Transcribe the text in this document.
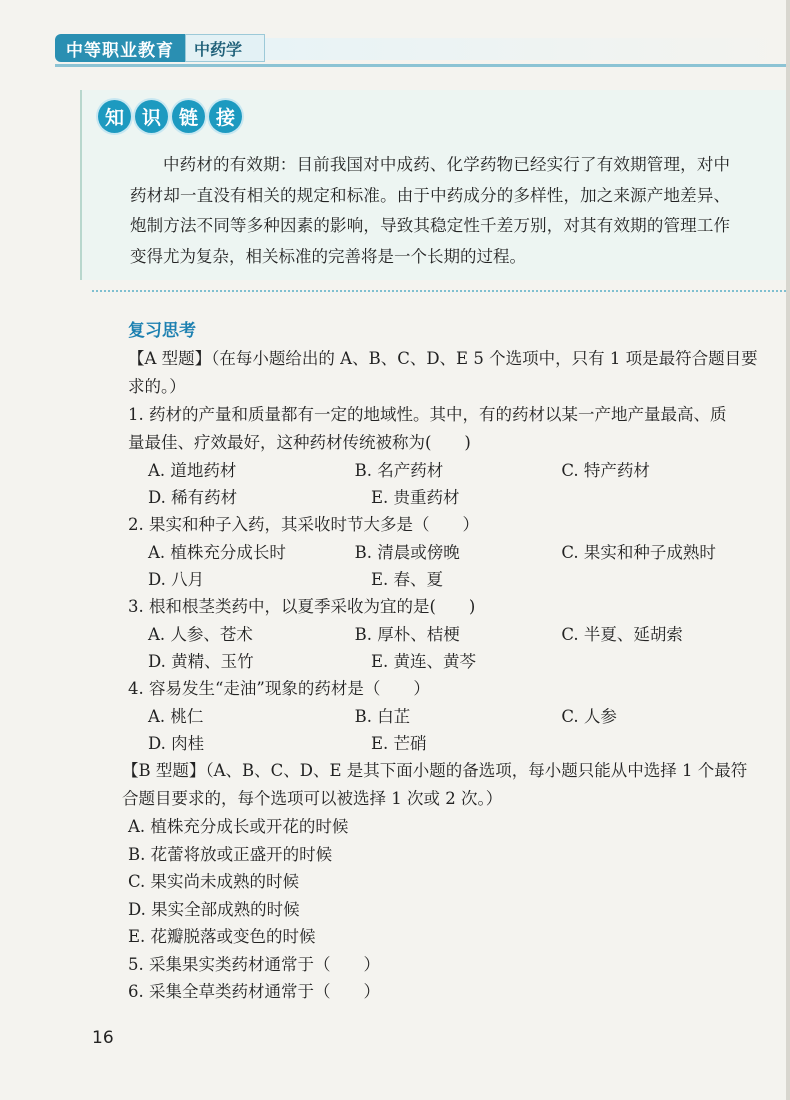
中等职业教育	中药学
知 识 链 接

中药材的有效期：目前我国对中成药、化学药物已经实行了有效期管理，对中药材却一直没有相关的规定和标准。由于中药成分的多样性，加之来源产地差异、炮制方法不同等多种因素的影响，导致其稳定性千差万别，对其有效期的管理工作变得尤为复杂，相关标准的完善将是一个长期的过程。

复习思考
【A 型题】（在每小题给出的 A、B、C、D、E 5 个选项中，只有 1 项是最符合题目要
求的。）
1. 药材的产量和质量都有一定的地域性。其中，有的药材以某一产地产量最高、质
量最佳、疗效最好，这种药材传统被称为(　　)
A. 道地药材	B. 名产药材	C. 特产药材
D. 稀有药材	E. 贵重药材
2. 果实和种子入药，其采收时节大多是（　　）
A. 植株充分成长时	B. 清晨或傍晚	C. 果实和种子成熟时
D. 八月	E. 春、夏
3. 根和根茎类药中，以夏季采收为宜的是(　　)
A. 人参、苍术	B. 厚朴、桔梗	C. 半夏、延胡索
D. 黄精、玉竹	E. 黄连、黄芩
4. 容易发生“走油”现象的药材是（　　）
A. 桃仁	B. 白芷	C. 人参
D. 肉桂	E. 芒硝
【B 型题】（A、B、C、D、E 是其下面小题的备选项，每小题只能从中选择 1 个最符
合题目要求的，每个选项可以被选择 1 次或 2 次。）
A. 植株充分成长或开花的时候
B. 花蕾将放或正盛开的时候
C. 果实尚未成熟的时候
D. 果实全部成熟的时候
E. 花瓣脱落或变色的时候
5. 采集果实类药材通常于（　　）
6. 采集全草类药材通常于（　　）
16
